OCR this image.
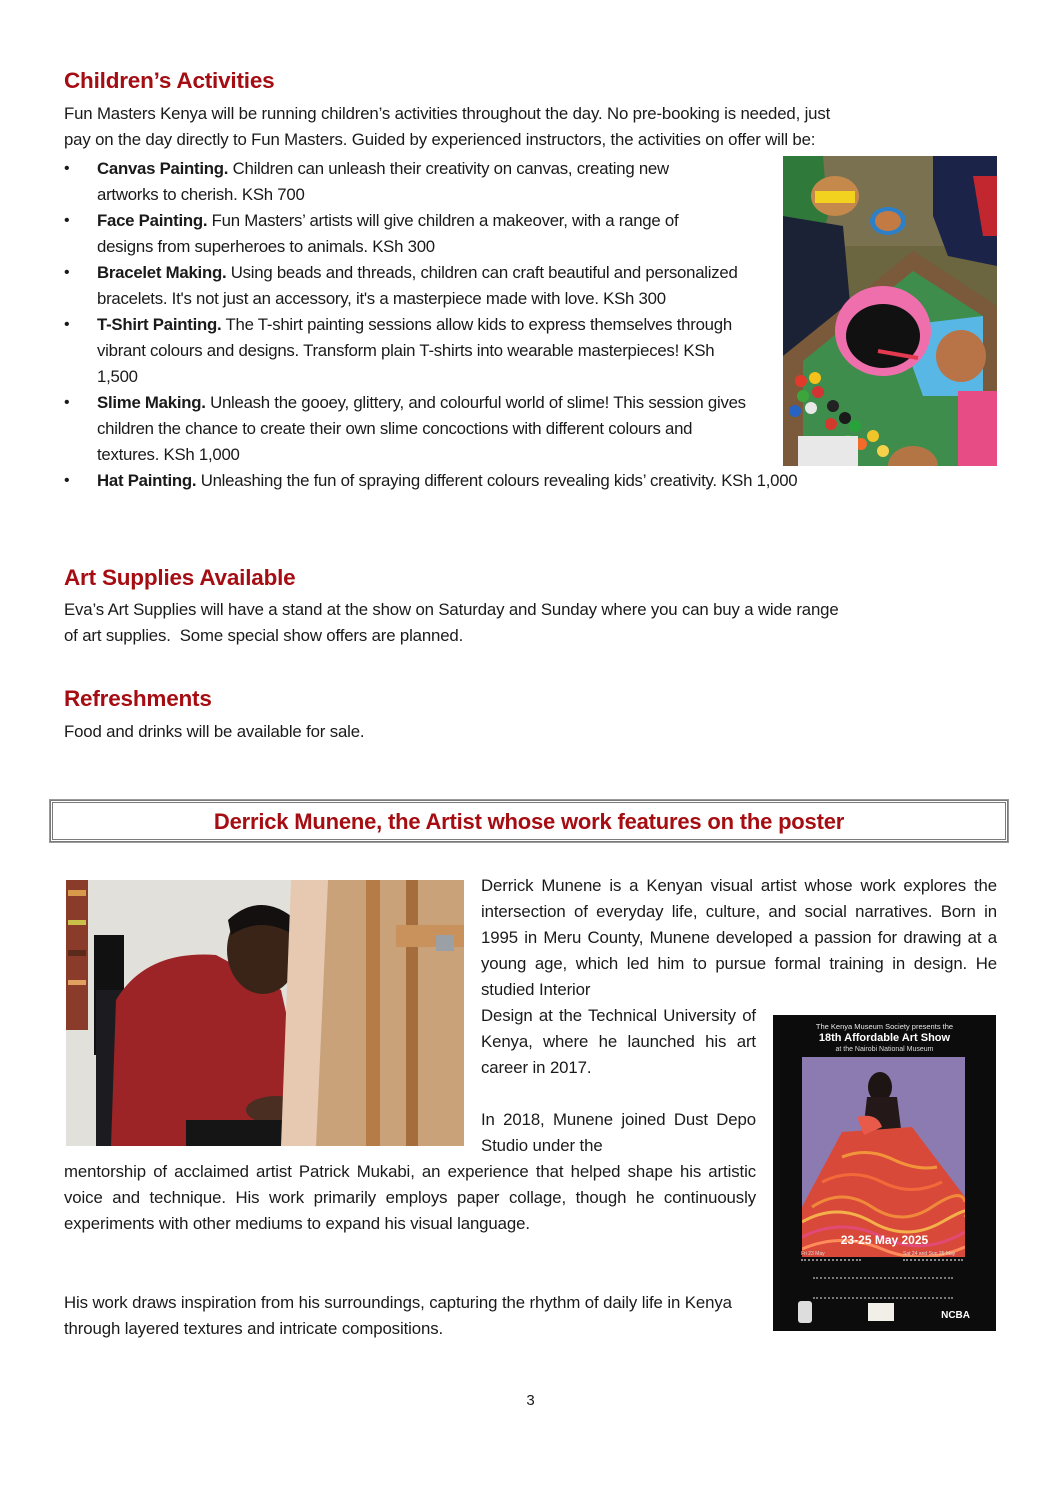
Children’s Activities
Fun Masters Kenya will be running children’s activities throughout the day. No pre-booking is needed, just
pay on the day directly to Fun Masters. Guided by experienced instructors, the activities on offer will be:
• Canvas Painting. Children can unleash their creativity on canvas, creating new artworks to cherish. KSh 700
• Face Painting. Fun Masters’ artists will give children a makeover, with a range of designs from superheroes to animals. KSh 300
• Bracelet Making. Using beads and threads, children can craft beautiful and personalized bracelets. It's not just an accessory, it's a masterpiece made with love. KSh 300
• T-Shirt Painting. The T-shirt painting sessions allow kids to express themselves through vibrant colours and designs. Transform plain T-shirts into wearable masterpieces! KSh 1,500
• Slime Making. Unleash the gooey, glittery, and colourful world of slime! This session gives children the chance to create their own slime concoctions with different colours and textures. KSh 1,000
• Hat Painting. Unleashing the fun of spraying different colours revealing kids’ creativity. KSh 1,000
Art Supplies Available
Eva’s Art Supplies will have a stand at the show on Saturday and Sunday where you can buy a wide range
of art supplies.  Some special show offers are planned.
Refreshments
Food and drinks will be available for sale.
Derrick Munene, the Artist whose work features on the poster
Derrick Munene is a Kenyan visual artist whose work explores the intersection of everyday life, culture, and social narratives. Born in 1995 in Meru County, Munene developed a passion for drawing at a young age, which led him to pursue formal training in design. He studied Interior
Design at the Technical University of Kenya, where he launched his art career in 2017.
In 2018, Munene joined Dust Depo Studio under the
mentorship of acclaimed artist Patrick Mukabi, an experience that helped shape his artistic voice and technique. His work primarily employs paper collage, though he continuously experiments with other mediums to expand his visual language.
His work draws inspiration from his surroundings, capturing the rhythm of daily life in Kenya through layered textures and intricate compositions.
The Kenya Museum Society presents the
18th Affordable Art Show
at the Nairobi National Museum
23-25 May 2025
Fri 23 May	Sat 24 and Sun 25 May
NCBA
3
